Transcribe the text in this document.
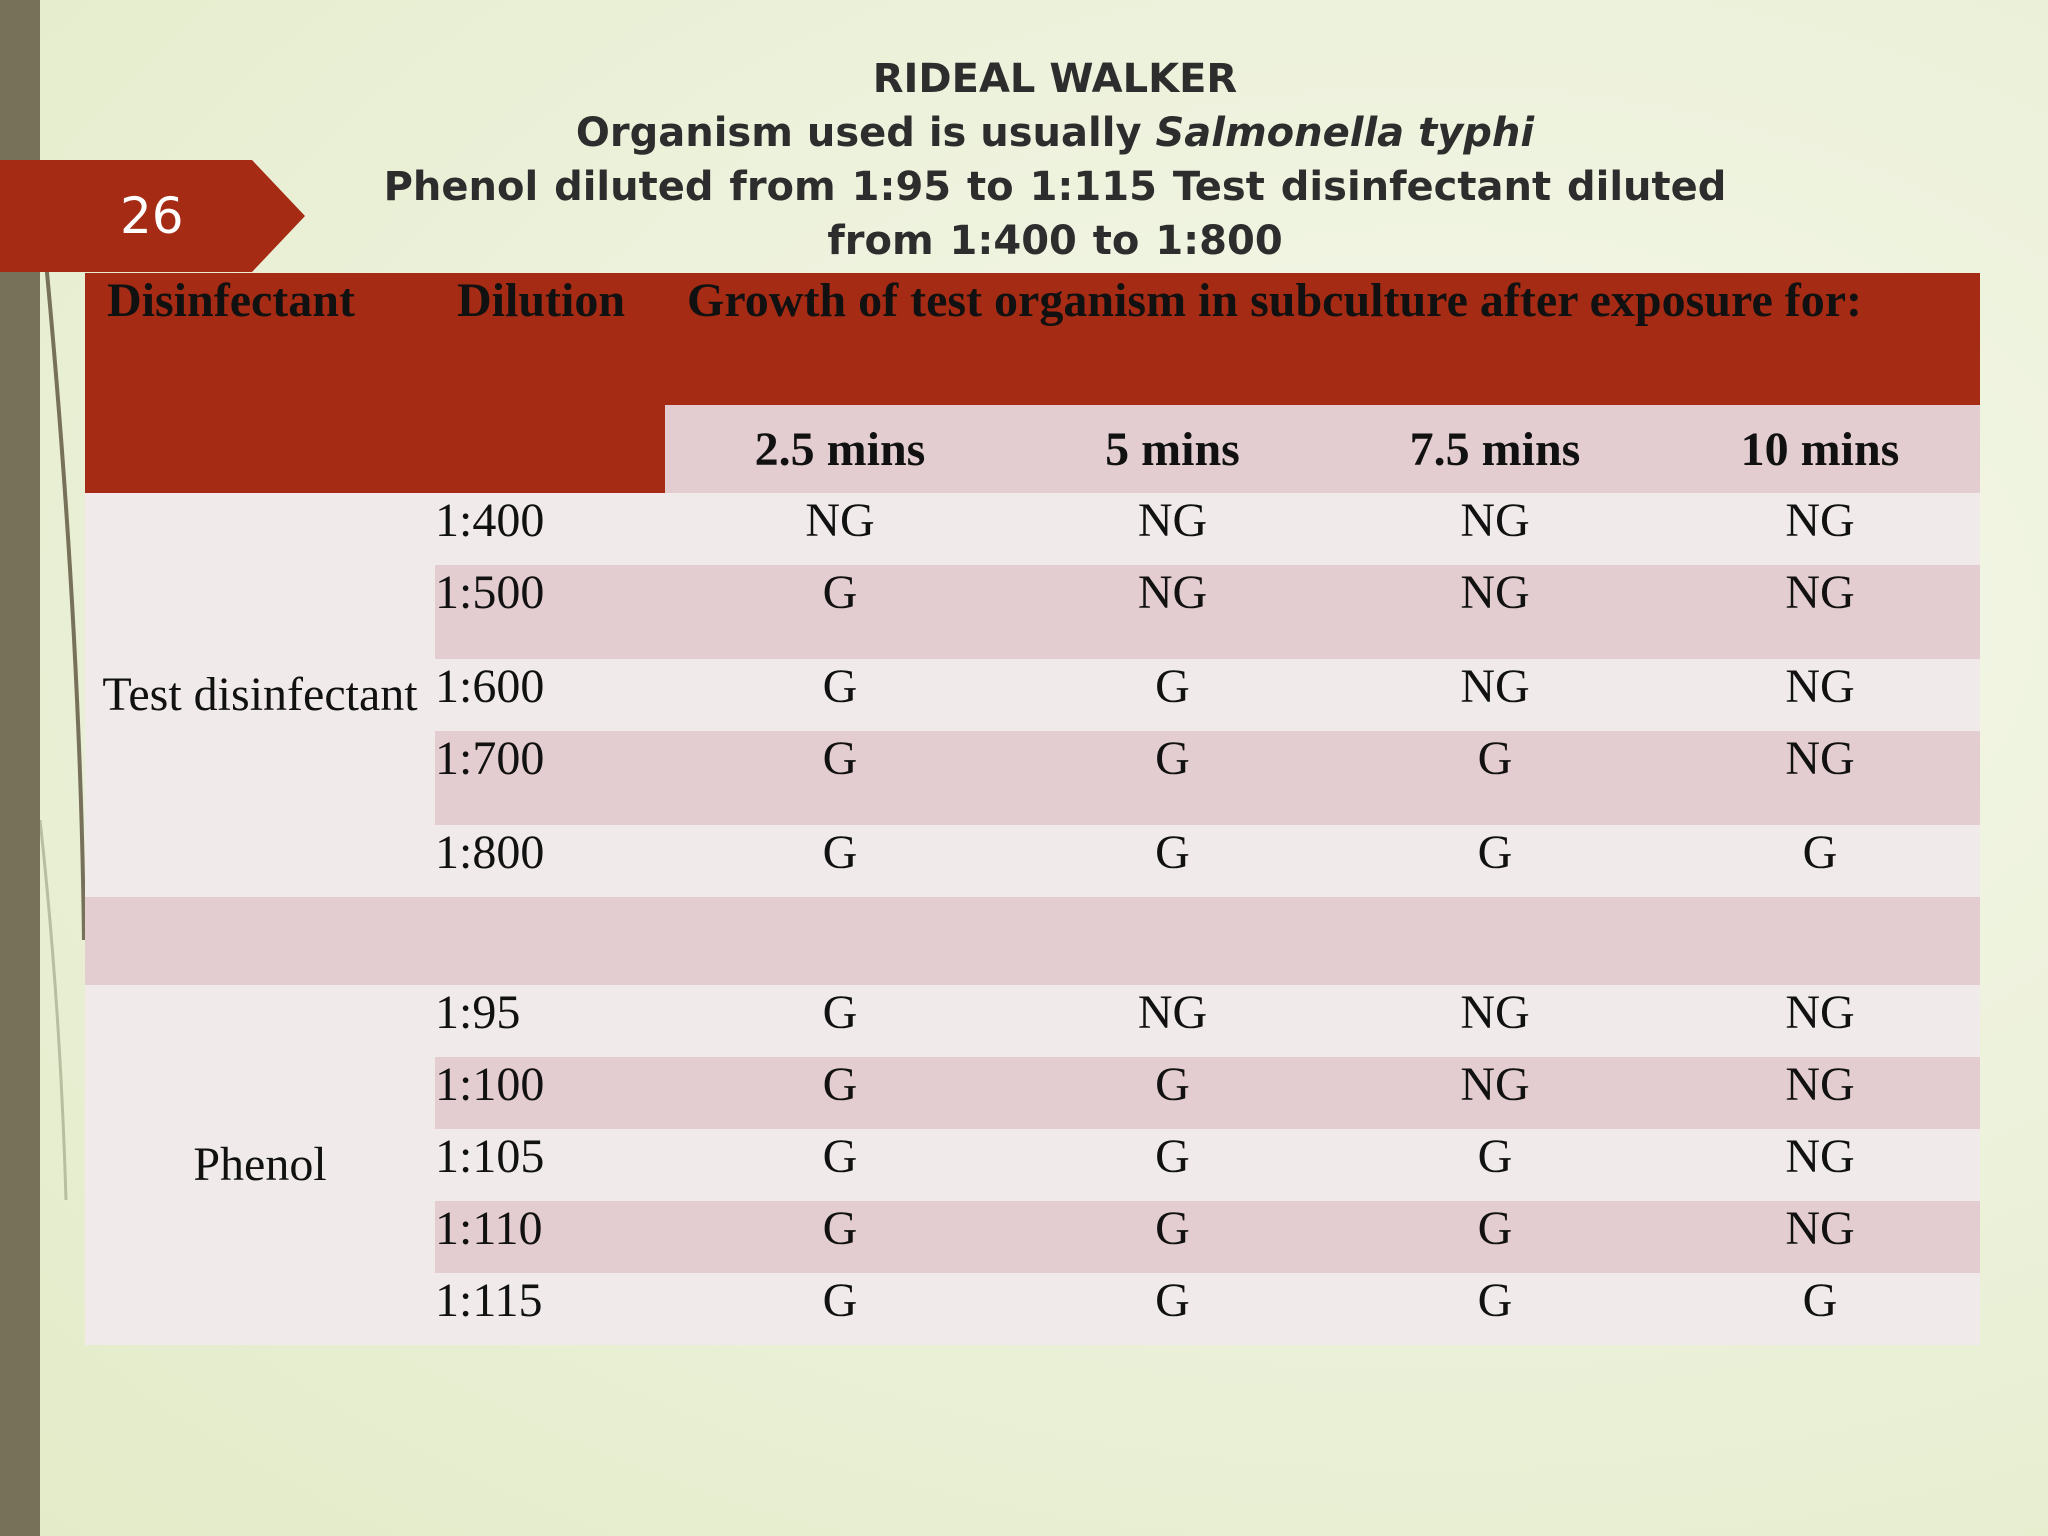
26
RIDEAL WALKER
Organism used is usually Salmonella typhi
Phenol diluted from 1:95 to 1:115 Test disinfectant diluted from 1:400 to 1:800
Disinfectant	Dilution	Growth of test organism in subculture after exposure for:			
		2.5 mins	5 mins	7.5 mins	10 mins
Test disinfectant	1:400	NG	NG	NG	NG
	1:500	G	NG	NG	NG
	1:600	G	G	NG	NG
	1:700	G	G	G	NG
	1:800	G	G	G	G

Phenol	1:95	G	NG	NG	NG
	1:100	G	G	NG	NG
	1:105	G	G	G	NG
	1:110	G	G	G	NG
	1:115	G	G	G	G
